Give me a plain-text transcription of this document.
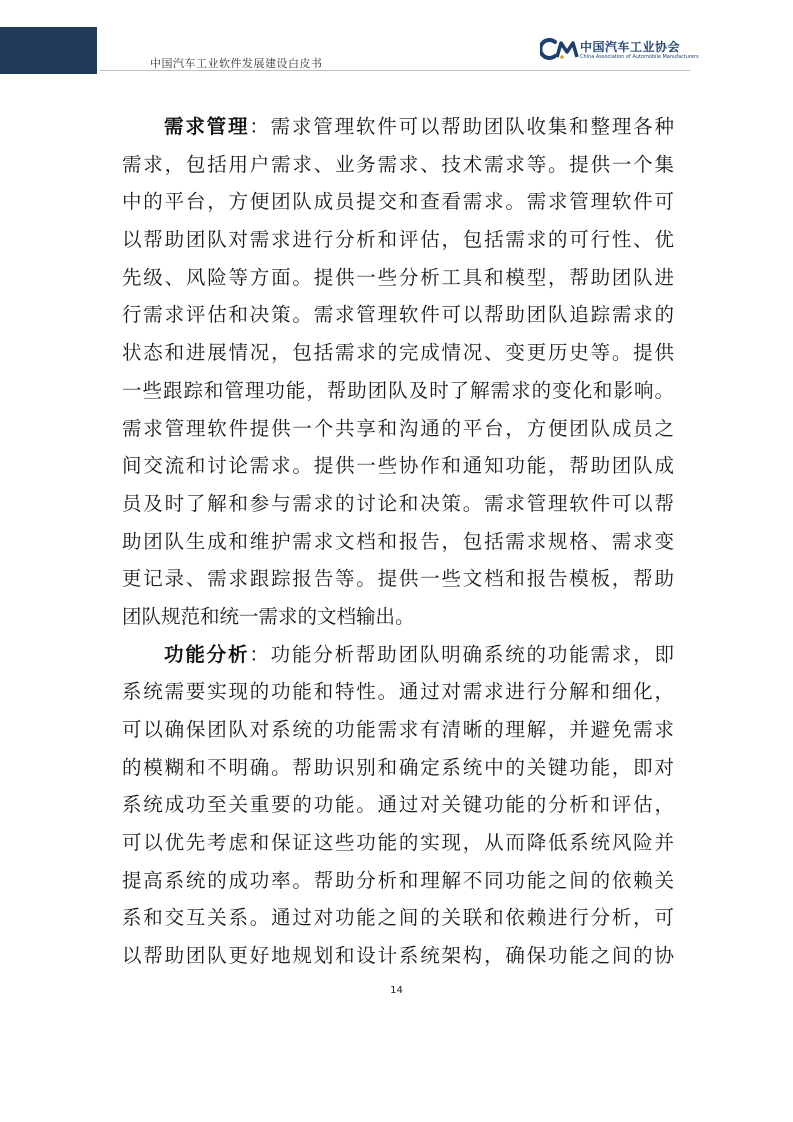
中国汽车工业软件发展建设白皮书
中国汽车工业协会
China Association of Automobile Manufacturers
需求管理：需求管理软件可以帮助团队收集和整理各种
需求，包括用户需求、业务需求、技术需求等。提供一个集
中的平台，方便团队成员提交和查看需求。需求管理软件可
以帮助团队对需求进行分析和评估，包括需求的可行性、优
先级、风险等方面。提供一些分析工具和模型，帮助团队进
行需求评估和决策。需求管理软件可以帮助团队追踪需求的
状态和进展情况，包括需求的完成情况、变更历史等。提供
一些跟踪和管理功能，帮助团队及时了解需求的变化和影响。
需求管理软件提供一个共享和沟通的平台，方便团队成员之
间交流和讨论需求。提供一些协作和通知功能，帮助团队成
员及时了解和参与需求的讨论和决策。需求管理软件可以帮
助团队生成和维护需求文档和报告，包括需求规格、需求变
更记录、需求跟踪报告等。提供一些文档和报告模板，帮助
团队规范和统一需求的文档输出。
功能分析：功能分析帮助团队明确系统的功能需求，即
系统需要实现的功能和特性。通过对需求进行分解和细化，
可以确保团队对系统的功能需求有清晰的理解，并避免需求
的模糊和不明确。帮助识别和确定系统中的关键功能，即对
系统成功至关重要的功能。通过对关键功能的分析和评估，
可以优先考虑和保证这些功能的实现，从而降低系统风险并
提高系统的成功率。帮助分析和理解不同功能之间的依赖关
系和交互关系。通过对功能之间的关联和依赖进行分析，可
以帮助团队更好地规划和设计系统架构，确保功能之间的协
14
